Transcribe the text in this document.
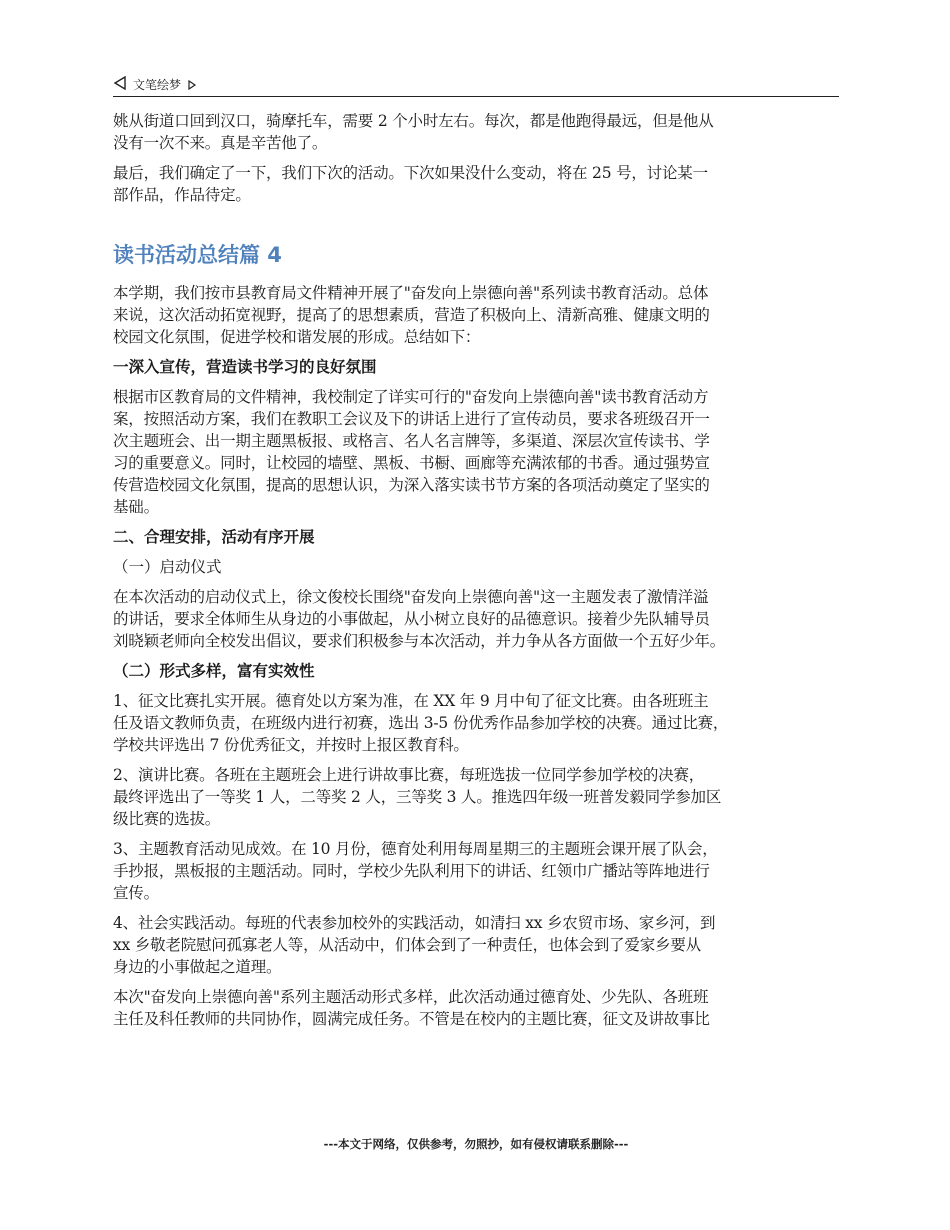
文笔绘梦
姚从街道口回到汉口，骑摩托车，需要 2 个小时左右。每次，都是他跑得最远，但是他从
没有一次不来。真是辛苦他了。
最后，我们确定了一下，我们下次的活动。下次如果没什么变动，将在 25 号，讨论某一
部作品，作品待定。
读书活动总结篇 4
本学期，我们按市县教育局文件精神开展了"奋发向上崇德向善"系列读书教育活动。总体
来说，这次活动拓宽视野，提高了的思想素质，营造了积极向上、清新高雅、健康文明的
校园文化氛围，促进学校和谐发展的形成。总结如下：
一深入宣传，营造读书学习的良好氛围
根据市区教育局的文件精神，我校制定了详实可行的"奋发向上崇德向善"读书教育活动方
案，按照活动方案，我们在教职工会议及下的讲话上进行了宣传动员，要求各班级召开一
次主题班会、出一期主题黑板报、或格言、名人名言牌等，多渠道、深层次宣传读书、学
习的重要意义。同时，让校园的墙壁、黑板、书橱、画廊等充满浓郁的书香。通过强势宣
传营造校园文化氛围，提高的思想认识，为深入落实读书节方案的各项活动奠定了坚实的
基础。
二、合理安排，活动有序开展
（一）启动仪式
在本次活动的启动仪式上，徐文俊校长围绕"奋发向上崇德向善"这一主题发表了激情洋溢
的讲话，要求全体师生从身边的小事做起，从小树立良好的品德意识。接着少先队辅导员
刘晓颖老师向全校发出倡议，要求们积极参与本次活动，并力争从各方面做一个五好少年。
（二）形式多样，富有实效性
1、征文比赛扎实开展。德育处以方案为准，在 XX 年 9 月中旬了征文比赛。由各班班主
任及语文教师负责，在班级内进行初赛，选出 3-5 份优秀作品参加学校的决赛。通过比赛，
学校共评选出 7 份优秀征文，并按时上报区教育科。
2、演讲比赛。各班在主题班会上进行讲故事比赛，每班选拔一位同学参加学校的决赛，
最终评选出了一等奖 1 人，二等奖 2 人，三等奖 3 人。推选四年级一班普发毅同学参加区
级比赛的选拔。
3、主题教育活动见成效。在 10 月份，德育处利用每周星期三的主题班会课开展了队会，
手抄报，黑板报的主题活动。同时，学校少先队利用下的讲话、红领巾广播站等阵地进行
宣传。
4、社会实践活动。每班的代表参加校外的实践活动，如清扫 xx 乡农贸市场、家乡河，到
xx 乡敬老院慰问孤寡老人等，从活动中，们体会到了一种责任，也体会到了爱家乡要从
身边的小事做起之道理。
本次"奋发向上崇德向善"系列主题活动形式多样，此次活动通过德育处、少先队、各班班
主任及科任教师的共同协作，圆满完成任务。不管是在校内的主题比赛，征文及讲故事比
---本文于网络，仅供参考，勿照抄，如有侵权请联系删除---
